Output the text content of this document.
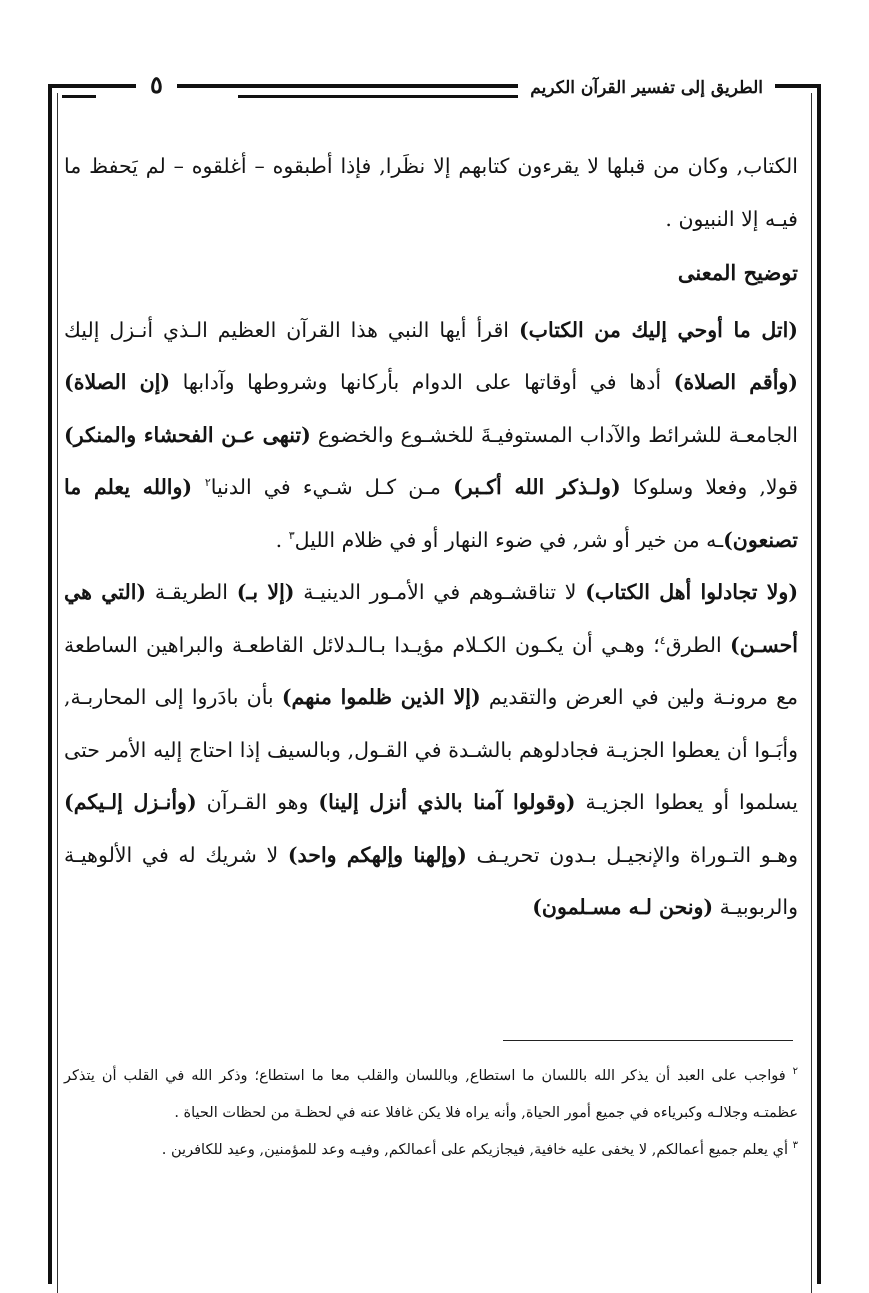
الطريق إلى تفسير القرآن الكريم
٥

الكتاب, وكان من قبلها لا يقرءون كتابهم إلا نظَرا, فإذا أطبقوه – أغلقوه – لم يَحفظ ما فيـه إلا النبيون .

توضيح المعنى

(اتل ما أوحي إليك من الكتاب) اقرأ أيها النبي هذا القرآن العظيم الـذي أنـزل إليك (وأقم الصلاة) أدها في أوقاتها على الدوام بأركانها وشروطها وآدابها (إن الصلاة) الجامعـة للشرائط والآداب المستوفيـةَ للخشـوع والخضوع (تنهى عـن الفحشاء والمنكر) قولا, وفعلا وسلوكا (ولـذكر الله أكـبر) مـن كـل شـيء في الدنيا$^٢$ (والله يعلم ما تصنعون)ـه من خير أو شر, في ضوء النهار أو في ظلام الليل$^٣$ .

(ولا تجادلوا أهل الكتاب) لا تناقشـوهم في الأمـور الدينيـة (إلا بـ) الطريقـة (التي هي أحسـن) الطرق$^٤$؛ وهـي أن يكـون الكـلام مؤيـدا بـالـدلائل القاطعـة والبراهين الساطعة مع مرونـة ولين في العرض والتقديم (إلا الذين ظلموا منهم) بأن بادَروا إلى المحاربـة, وأبَـوا أن يعطوا الجزيـة فجادلوهم بالشـدة في القـول, وبالسيف إذا احتاج إليه الأمر حتى يسلموا أو يعطوا الجزيـة (وقولوا آمنا بالذي أنزل إلينا) وهو القـرآن (وأنـزل إلـيكم) وهـو التـوراة والإنجيـل بـدون تحريـف (وإلهنا وإلهكم واحد) لا شريك له في الألوهيـة والربوبيـة (ونحن لـه مسـلمون)

$^٢$ فواجب على العبد أن يذكر الله باللسان ما استطاع, وباللسان والقلب معا ما استطاع؛ وذكر الله في القلب أن يتذكر عظمتـه وجلالـه وكبرياءه في جميع أمور الحياة, وأنه يراه فلا يكن غافلا عنه في لحظـة من لحظات الحياة .

$^٣$ أي يعلم جميع أعمالكم, لا يخفى عليه خافية, فيجازيكم على أعمالكم, وفيـه وعد للمؤمنين, وعيد للكافرين .
